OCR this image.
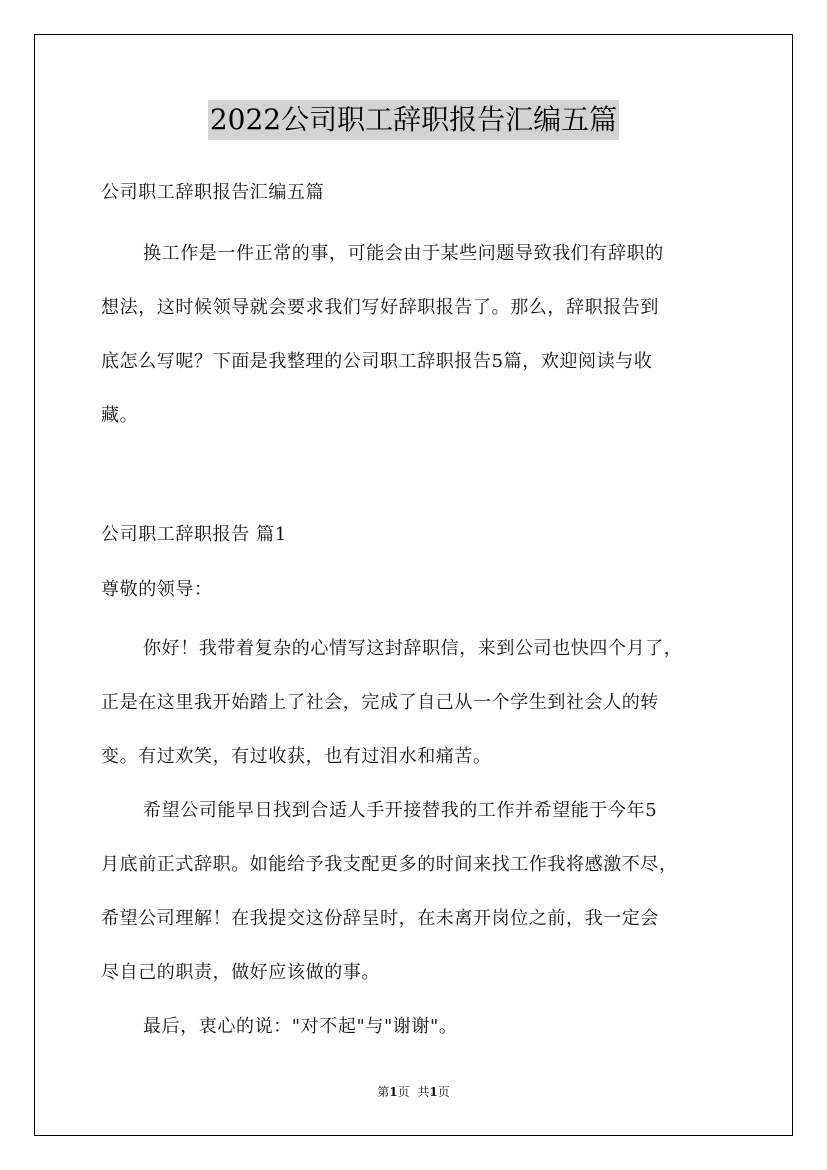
2022公司职工辞职报告汇编五篇
公司职工辞职报告汇编五篇
换工作是一件正常的事，可能会由于某些问题导致我们有辞职的
想法，这时候领导就会要求我们写好辞职报告了。那么，辞职报告到
底怎么写呢？下面是我整理的公司职工辞职报告5篇，欢迎阅读与收
藏。
公司职工辞职报告 篇1
尊敬的领导：
你好！我带着复杂的心情写这封辞职信，来到公司也快四个月了，
正是在这里我开始踏上了社会，完成了自己从一个学生到社会人的转
变。有过欢笑，有过收获，也有过泪水和痛苦。
希望公司能早日找到合适人手开接替我的工作并希望能于今年5
月底前正式辞职。如能给予我支配更多的时间来找工作我将感激不尽，
希望公司理解！在我提交这份辞呈时，在未离开岗位之前，我一定会
尽自己的职责，做好应该做的事。
最后，衷心的说："对不起"与"谢谢"。
第1页 共1页
